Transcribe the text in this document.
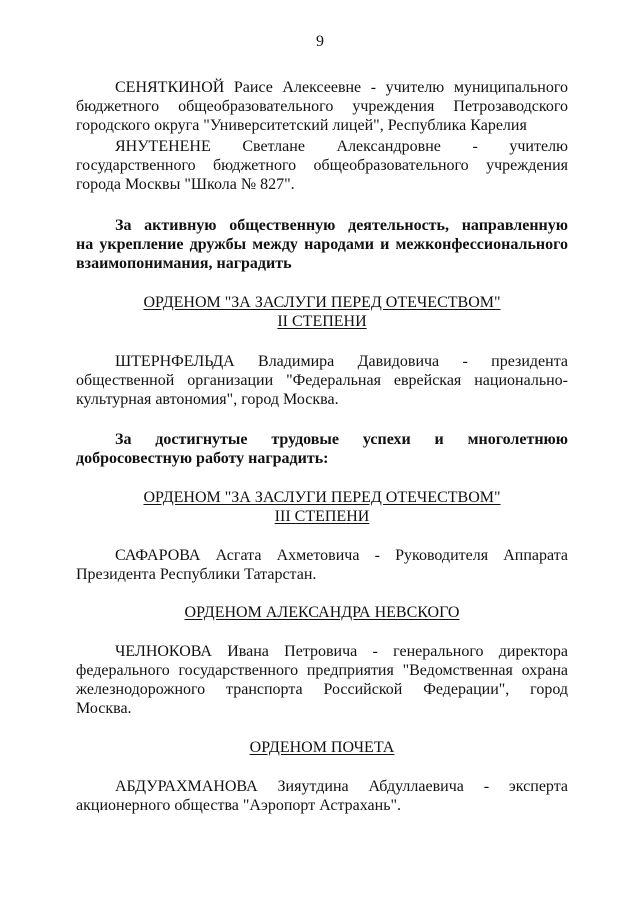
9
СЕНЯТКИНОЙ Раисе Алексеевне - учителю муниципального
бюджетного общеобразовательного учреждения Петрозаводского
городского округа "Университетский лицей", Республика Карелия
ЯНУТЕНЕНЕ Светлане Александровне - учителю
государственного бюджетного общеобразовательного учреждения
города Москвы "Школа № 827".
За активную общественную деятельность, направленную
на укрепление дружбы между народами и межконфессионального
взаимопонимания, наградить
ОРДЕНОМ "ЗА ЗАСЛУГИ ПЕРЕД ОТЕЧЕСТВОМ"
II СТЕПЕНИ
ШТЕРНФЕЛЬДА Владимира Давидовича - президента
общественной организации "Федеральная еврейская национально-
культурная автономия", город Москва.
За достигнутые трудовые успехи и многолетнюю
добросовестную работу наградить:
ОРДЕНОМ "ЗА ЗАСЛУГИ ПЕРЕД ОТЕЧЕСТВОМ"
III СТЕПЕНИ
САФАРОВА Асгата Ахметовича - Руководителя Аппарата
Президента Республики Татарстан.
ОРДЕНОМ АЛЕКСАНДРА НЕВСКОГО
ЧЕЛНОКОВА Ивана Петровича - генерального директора
федерального государственного предприятия "Ведомственная охрана
железнодорожного транспорта Российской Федерации", город
Москва.
ОРДЕНОМ ПОЧЕТА
АБДУРАХМАНОВА Зияутдина Абдуллаевича - эксперта
акционерного общества "Аэропорт Астрахань".
